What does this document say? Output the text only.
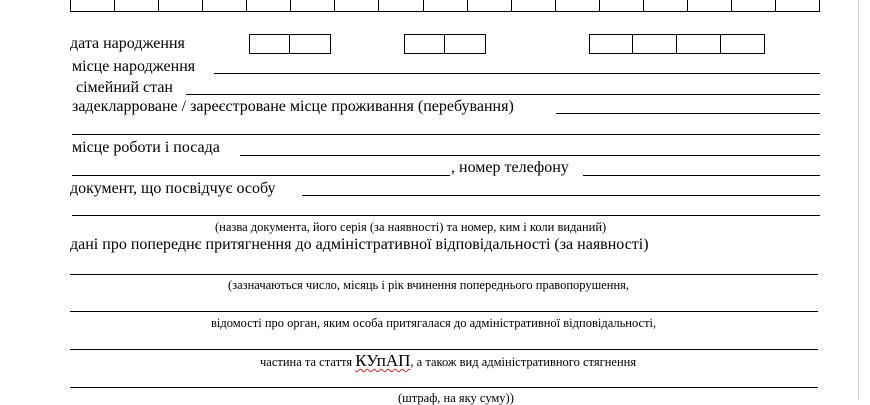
дата народження
місце народження
сімейний стан
задекларроване / зареєстроване місце проживання (перебування)
місце роботи і посада
, номер телефону
документ, що посвідчує особу
(назва документа, його серія (за наявності) та номер, ким і коли виданий)
дані про попереднє притягнення до адміністративної відповідальності (за наявності)
(зазначаються число, місяць і рік вчинення попереднього правопорушення,
відомості про орган, яким особа притягалася до адміністративної відповідальності,
частина та стаття КУпАП, а також вид адміністративного стягнення
(штраф, на яку суму))
